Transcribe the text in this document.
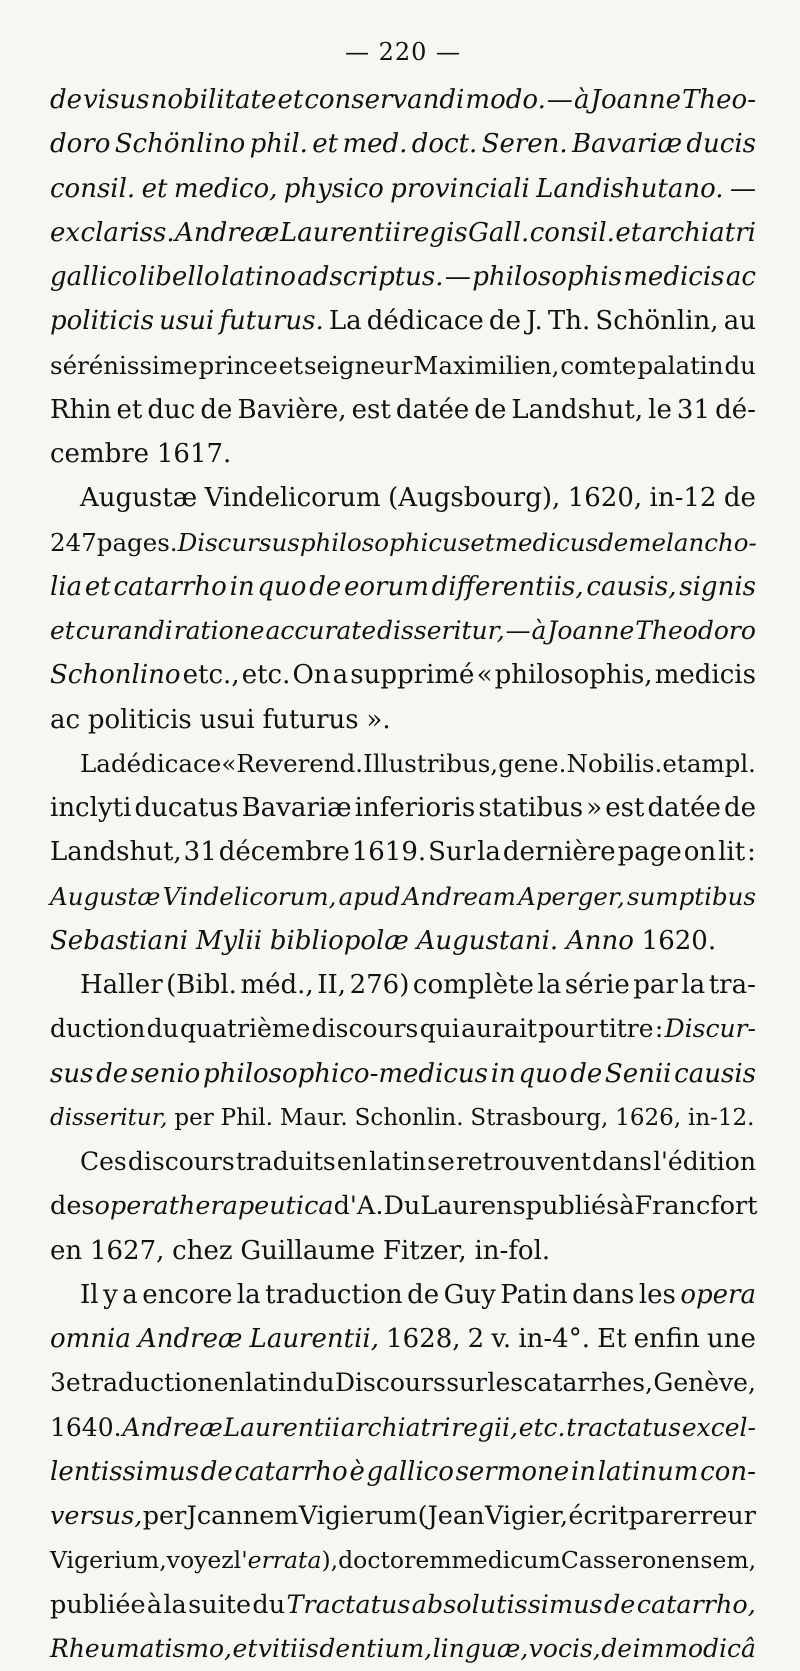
— 220 —
de visus nobilitate et conservandi modo. — à Joanne Theo-
doro Schönlino phil. et med. doct. Seren. Bavariæ ducis
consil. et medico, physico provinciali Landishutano. —
ex clariss. Andreæ Laurentii regis Gall. consil. et archiatri
gallico libello latino adscriptus. — philosophis medicis ac
politicis usui futurus. La dédicace de J. Th. Schönlin, au
sérénissime prince et seigneur Maximilien, comte palatin du
Rhin et duc de Bavière, est datée de Landshut, le 31 dé-
cembre 1617.
Augustæ Vindelicorum (Augsbourg), 1620, in-12 de
247 pages. Discursus philosophicus et medicus de melancho-
lia et catarrho in quo de eorum differentiis, causis, signis
et curandi ratione accurate disseritur, — à Joanne Theodoro
Schonlino etc., etc. On a supprimé « philosophis, medicis
ac politicis usui futurus ».
La dédicace «Reverend. Illustribus, gene. Nobilis. et ampl.
inclyti ducatus Bavariæ inferioris statibus » est datée de
Landshut, 31 décembre 1619. Sur la dernière page on lit :
Augustæ Vindelicorum, apud Andream Aperger, sumptibus
Sebastiani Mylii bibliopolæ Augustani. Anno 1620.
Haller (Bibl. méd., II, 276) complète la série par la tra-
duction du quatrième discours qui aurait pour titre : Discur-
sus de senio philosophico-medicus in quo de Senii causis
disseritur, per Phil. Maur. Schonlin. Strasbourg, 1626, in-12.
Ces discours traduits en latin se retrouvent dans l'édition
des opera therapeutica d'A. Du Laurens publiés à Francfort
en 1627, chez Guillaume Fitzer, in-fol.
Il y a encore la traduction de Guy Patin dans les opera
omnia Andreæ Laurentii, 1628, 2 v. in-4°. Et enfin une
3e traduction en latin du Discours sur les catarrhes, Genève,
1640. Andreæ Laurentii archiatri regii, etc. tractatus excel-
lentissimus de catarrho è gallico sermone in latinum con-
versus, per Jcannem Vigierum (Jean Vigier, écrit par erreur
Vigerium, voyez l' errata ), doctorem medicum Casseronensem,
publiée à la suite du Tractatus absolutissimus de catarrho,
Rheumatismo, et vitiis dentium, linguæ, vocis, de immodicâ
